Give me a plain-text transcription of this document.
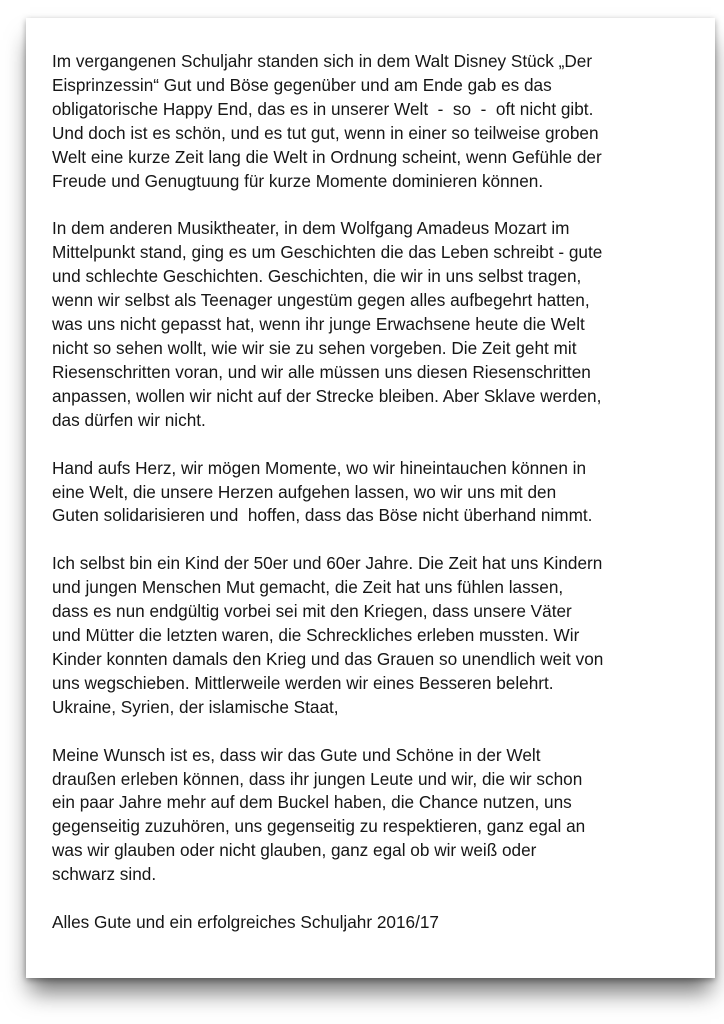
Im vergangenen Schuljahr standen sich in dem Walt Disney Stück „Der
Eisprinzessin“ Gut und Böse gegenüber und am Ende gab es das
obligatorische Happy End, das es in unserer Welt  -  so  -  oft nicht gibt.
Und doch ist es schön, und es tut gut, wenn in einer so teilweise groben
Welt eine kurze Zeit lang die Welt in Ordnung scheint, wenn Gefühle der
Freude und Genugtuung für kurze Momente dominieren können.
In dem anderen Musiktheater, in dem Wolfgang Amadeus Mozart im
Mittelpunkt stand, ging es um Geschichten die das Leben schreibt - gute
und schlechte Geschichten. Geschichten, die wir in uns selbst tragen,
wenn wir selbst als Teenager ungestüm gegen alles aufbegehrt hatten,
was uns nicht gepasst hat, wenn ihr junge Erwachsene heute die Welt
nicht so sehen wollt, wie wir sie zu sehen vorgeben. Die Zeit geht mit
Riesenschritten voran, und wir alle müssen uns diesen Riesenschritten
anpassen, wollen wir nicht auf der Strecke bleiben. Aber Sklave werden,
das dürfen wir nicht.
Hand aufs Herz, wir mögen Momente, wo wir hineintauchen können in
eine Welt, die unsere Herzen aufgehen lassen, wo wir uns mit den
Guten solidarisieren und  hoffen, dass das Böse nicht überhand nimmt.
Ich selbst bin ein Kind der 50er und 60er Jahre. Die Zeit hat uns Kindern
und jungen Menschen Mut gemacht, die Zeit hat uns fühlen lassen,
dass es nun endgültig vorbei sei mit den Kriegen, dass unsere Väter
und Mütter die letzten waren, die Schreckliches erleben mussten. Wir
Kinder konnten damals den Krieg und das Grauen so unendlich weit von
uns wegschieben. Mittlerweile werden wir eines Besseren belehrt.
Ukraine, Syrien, der islamische Staat,
Meine Wunsch ist es, dass wir das Gute und Schöne in der Welt
draußen erleben können, dass ihr jungen Leute und wir, die wir schon
ein paar Jahre mehr auf dem Buckel haben, die Chance nutzen, uns
gegenseitig zuzuhören, uns gegenseitig zu respektieren, ganz egal an
was wir glauben oder nicht glauben, ganz egal ob wir weiß oder
schwarz sind.
Alles Gute und ein erfolgreiches Schuljahr 2016/17
